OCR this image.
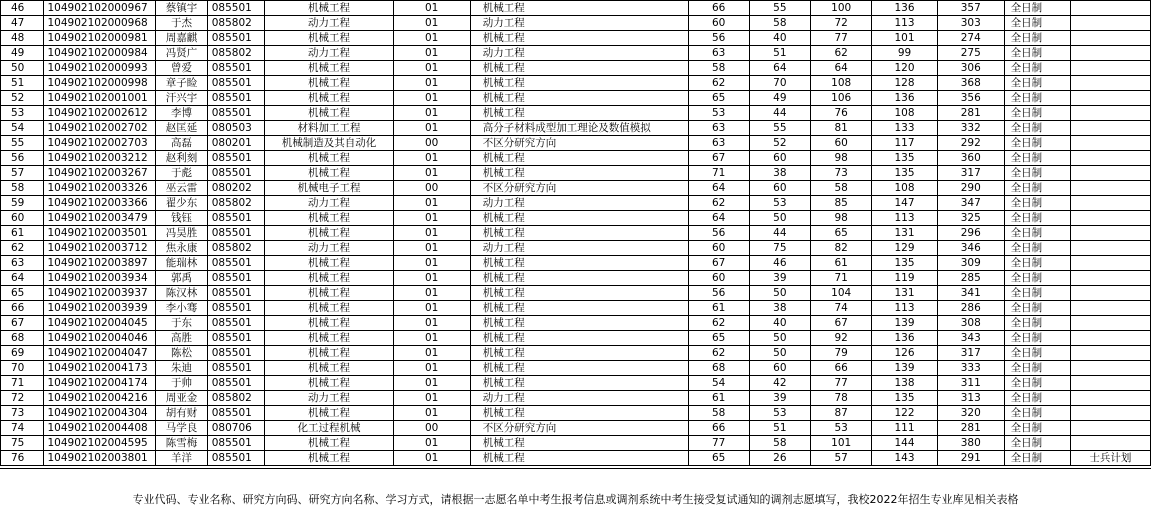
46	104902102000967	蔡镇宇	085501	机械工程	01	机械工程	66	55	100	136	357	全日制	
47	104902102000968	于杰	085802	动力工程	01	动力工程	60	58	72	113	303	全日制	
48	104902102000981	周嘉麒	085501	机械工程	01	机械工程	56	40	77	101	274	全日制	
49	104902102000984	冯贤广	085802	动力工程	01	动力工程	63	51	62	99	275	全日制	
50	104902102000993	曾爱	085501	机械工程	01	机械工程	58	64	64	120	306	全日制	
51	104902102000998	章子睑	085501	机械工程	01	机械工程	62	70	108	128	368	全日制	
52	104902102001001	汗兴宇	085501	机械工程	01	机械工程	65	49	106	136	356	全日制	
53	104902102002612	李博	085501	机械工程	01	机械工程	53	44	76	108	281	全日制	
54	104902102002702	赵匡延	080503	材料加工工程	01	高分子材料成型加工理论及数值模拟	63	55	81	133	332	全日制	
55	104902102002703	高磊	080201	机械制造及其自动化	00	不区分研究方向	63	52	60	117	292	全日制	
56	104902102003212	赵利刻	085501	机械工程	01	机械工程	67	60	98	135	360	全日制	
57	104902102003267	于彪	085501	机械工程	01	机械工程	71	38	73	135	317	全日制	
58	104902102003326	巫云雷	080202	机械电子工程	00	不区分研究方向	64	60	58	108	290	全日制	
59	104902102003366	翟少东	085802	动力工程	01	动力工程	62	53	85	147	347	全日制	
60	104902102003479	钱钰	085501	机械工程	01	机械工程	64	50	98	113	325	全日制	
61	104902102003501	冯昊胜	085501	机械工程	01	机械工程	56	44	65	131	296	全日制	
62	104902102003712	焦永康	085802	动力工程	01	动力工程	60	75	82	129	346	全日制	
63	104902102003897	能瑞林	085501	机械工程	01	机械工程	67	46	61	135	309	全日制	
64	104902102003934	郭禹	085501	机械工程	01	机械工程	60	39	71	119	285	全日制	
65	104902102003937	陈汉林	085501	机械工程	01	机械工程	56	50	104	131	341	全日制	
66	104902102003939	李小骞	085501	机械工程	01	机械工程	61	38	74	113	286	全日制	
67	104902102004045	于东	085501	机械工程	01	机械工程	62	40	67	139	308	全日制	
68	104902102004046	高胜	085501	机械工程	01	机械工程	65	50	92	136	343	全日制	
69	104902102004047	陈松	085501	机械工程	01	机械工程	62	50	79	126	317	全日制	
70	104902102004173	朱迪	085501	机械工程	01	机械工程	68	60	66	139	333	全日制	
71	104902102004174	于帅	085501	机械工程	01	机械工程	54	42	77	138	311	全日制	
72	104902102004216	周亚金	085802	动力工程	01	动力工程	61	39	78	135	313	全日制	
73	104902102004304	胡有财	085501	机械工程	01	机械工程	58	53	87	122	320	全日制	
74	104902102004408	马学良	080706	化工过程机械	00	不区分研究方向	66	51	53	111	281	全日制	
75	104902102004595	陈雪梅	085501	机械工程	01	机械工程	77	58	101	144	380	全日制	
76	104902102003801	羊洋	085501	机械工程	01	机械工程	65	26	57	143	291	全日制	士兵计划
专业代码、专业名称、研究方向码、研究方向名称、学习方式，请根据一志愿名单中考生报考信息或调剂系统中考生接受复试通知的调剂志愿填写，我校2022年招生专业库见相关表格
